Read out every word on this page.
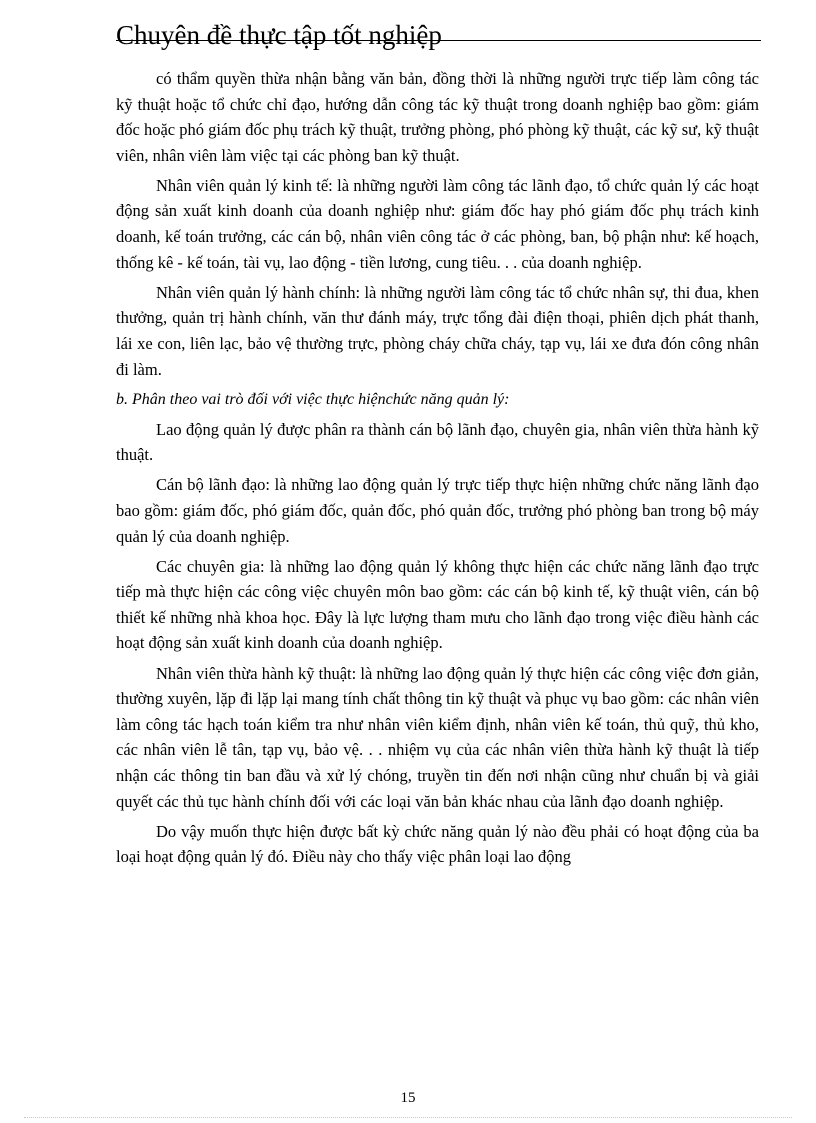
Chuyên đề thực tập tốt nghiệp

có thẩm quyền thừa nhận bằng văn bản, đồng thời là những người trực tiếp làm công tác kỹ thuật hoặc tổ chức chỉ đạo, hướng dẫn công tác kỹ thuật trong doanh nghiệp bao gồm: giám đốc hoặc phó giám đốc phụ trách kỹ thuật, trưởng phòng, phó phòng kỹ thuật, các kỹ sư, kỹ thuật viên, nhân viên làm việc tại các phòng ban kỹ thuật.

Nhân viên quản lý kinh tế: là những người làm công tác lãnh đạo, tổ chức quản lý các hoạt động sản xuất kinh doanh của doanh nghiệp như: giám đốc hay phó giám đốc phụ trách kinh doanh, kế toán trưởng, các cán bộ, nhân viên công tác ở các phòng, ban, bộ phận như: kế hoạch, thống kê - kế toán, tài vụ, lao động - tiền lương, cung tiêu. . . của doanh nghiệp.

Nhân viên quản lý hành chính: là những người làm công tác tổ chức nhân sự, thi đua, khen thưởng, quản trị hành chính, văn thư đánh máy, trực tổng đài điện thoại, phiên dịch phát thanh, lái xe con, liên lạc, bảo vệ thường trực, phòng cháy chữa cháy, tạp vụ, lái xe đưa đón công nhân đi làm.

b. Phân theo vai trò đối với việc thực hiệnchức năng quản lý:

Lao động quản lý được phân ra thành cán bộ lãnh đạo, chuyên gia, nhân viên thừa hành kỹ thuật.

Cán bộ lãnh đạo: là những lao động quản lý trực tiếp thực hiện những chức năng lãnh đạo bao gồm: giám đốc, phó giám đốc, quản đốc, phó quản đốc, trưởng phó phòng ban trong bộ máy quản lý của doanh nghiệp.

Các chuyên gia: là những lao động quản lý không thực hiện các chức năng lãnh đạo trực tiếp mà thực hiện các công việc chuyên môn bao gồm: các cán bộ kinh tế, kỹ thuật viên, cán bộ thiết kế những nhà khoa học. Đây là lực lượng tham mưu cho lãnh đạo trong việc điều hành các hoạt động sản xuất kinh doanh của doanh nghiệp.

Nhân viên thừa hành kỹ thuật: là những lao động quản lý thực hiện các công việc đơn giản, thường xuyên, lặp đi lặp lại mang tính chất thông tin kỹ thuật và phục vụ bao gồm: các nhân viên làm công tác hạch toán kiểm tra như nhân viên kiểm định, nhân viên kế toán, thủ quỹ, thủ kho, các nhân viên lễ tân, tạp vụ, bảo vệ. . . nhiệm vụ của các nhân viên thừa hành kỹ thuật là tiếp nhận các thông tin ban đầu và xử lý chóng, truyền tin đến nơi nhận cũng như chuẩn bị và giải quyết các thủ tục hành chính đối với các loại văn bản khác nhau của lãnh đạo doanh nghiệp.

Do vậy muốn thực hiện được bất kỳ chức năng quản lý nào đều phải có hoạt động của ba loại hoạt động quản lý đó. Điều này cho thấy việc phân loại lao động

15
